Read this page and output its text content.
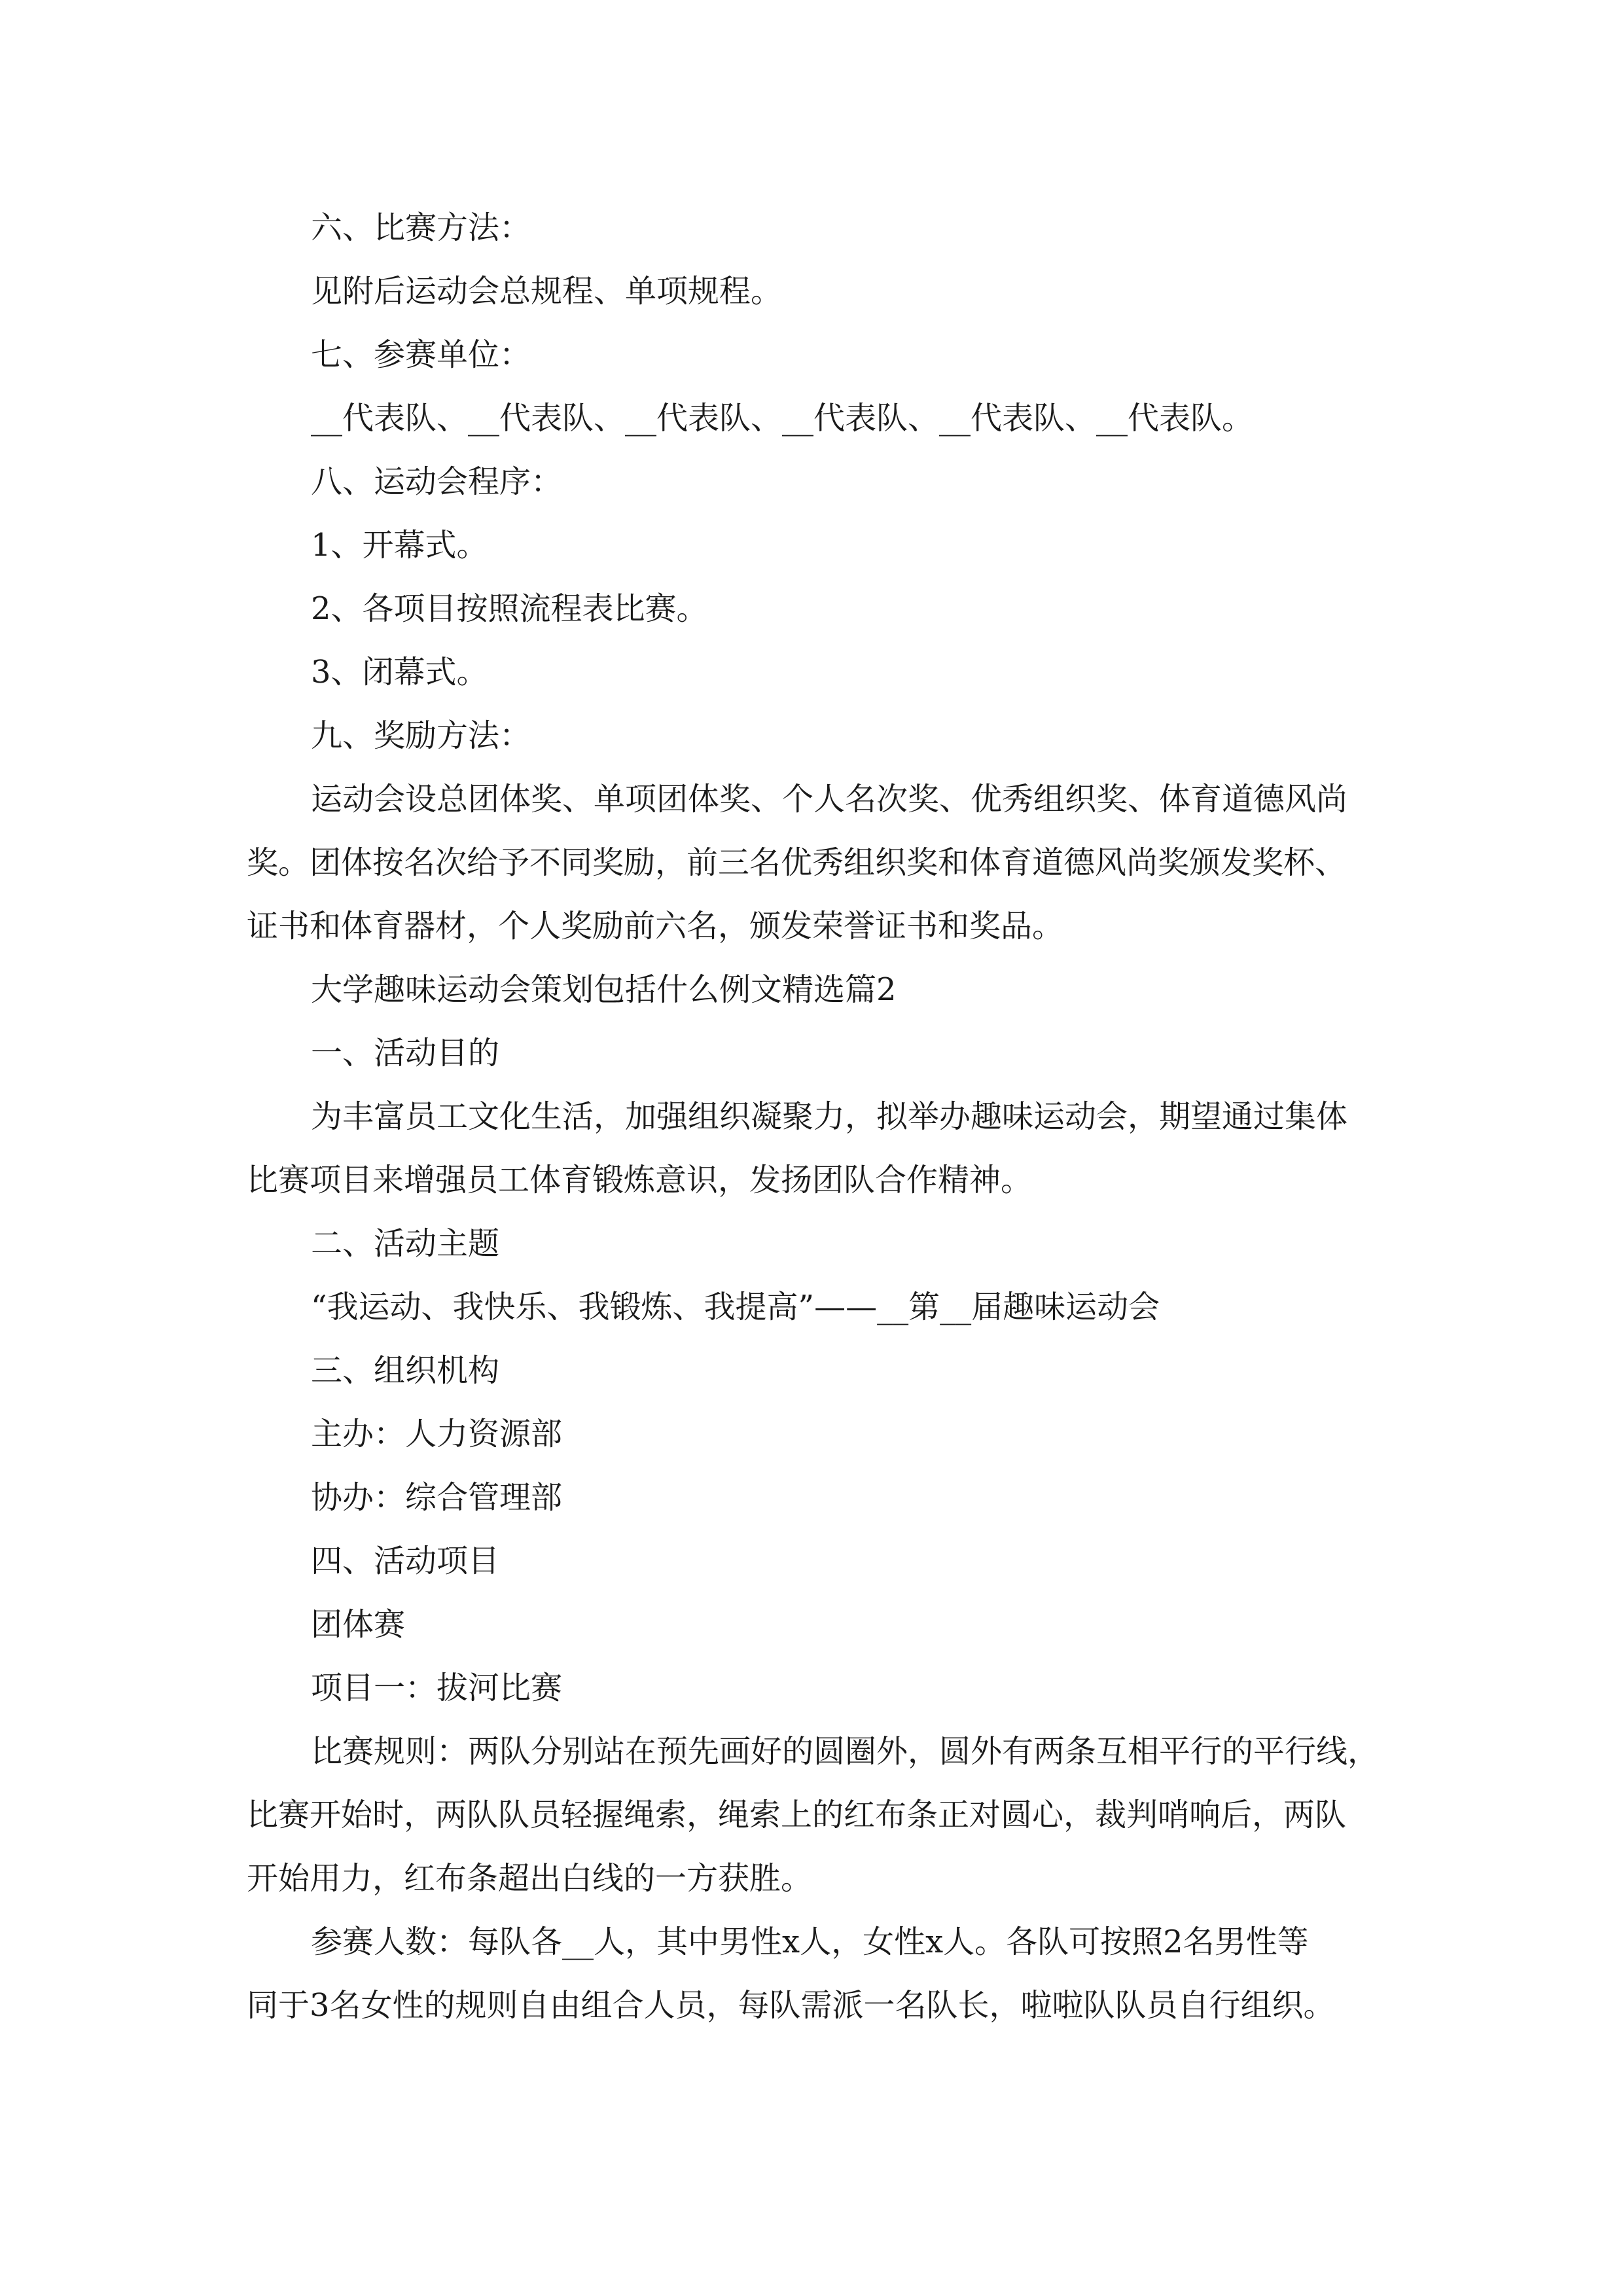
六、比赛方法：
见附后运动会总规程、单项规程。
七、参赛单位：
__代表队、__代表队、__代表队、__代表队、__代表队、__代表队。
八、运动会程序：
1、开幕式。
2、各项目按照流程表比赛。
3、闭幕式。
九、奖励方法：
运动会设总团体奖、单项团体奖、个人名次奖、优秀组织奖、体育道德风尚
奖。团体按名次给予不同奖励，前三名优秀组织奖和体育道德风尚奖颁发奖杯、
证书和体育器材，个人奖励前六名，颁发荣誉证书和奖品。
大学趣味运动会策划包括什么例文精选篇2
一、活动目的
为丰富员工文化生活，加强组织凝聚力，拟举办趣味运动会，期望通过集体
比赛项目来增强员工体育锻炼意识，发扬团队合作精神。
二、活动主题
“我运动、我快乐、我锻炼、我提高”——__第__届趣味运动会
三、组织机构
主办：人力资源部
协办：综合管理部
四、活动项目
团体赛
项目一：拔河比赛
比赛规则：两队分别站在预先画好的圆圈外，圆外有两条互相平行的平行线，
比赛开始时，两队队员轻握绳索，绳索上的红布条正对圆心，裁判哨响后，两队
开始用力，红布条超出白线的一方获胜。
参赛人数：每队各__人，其中男性x人，女性x人。各队可按照2名男性等
同于3名女性的规则自由组合人员，每队需派一名队长，啦啦队队员自行组织。
